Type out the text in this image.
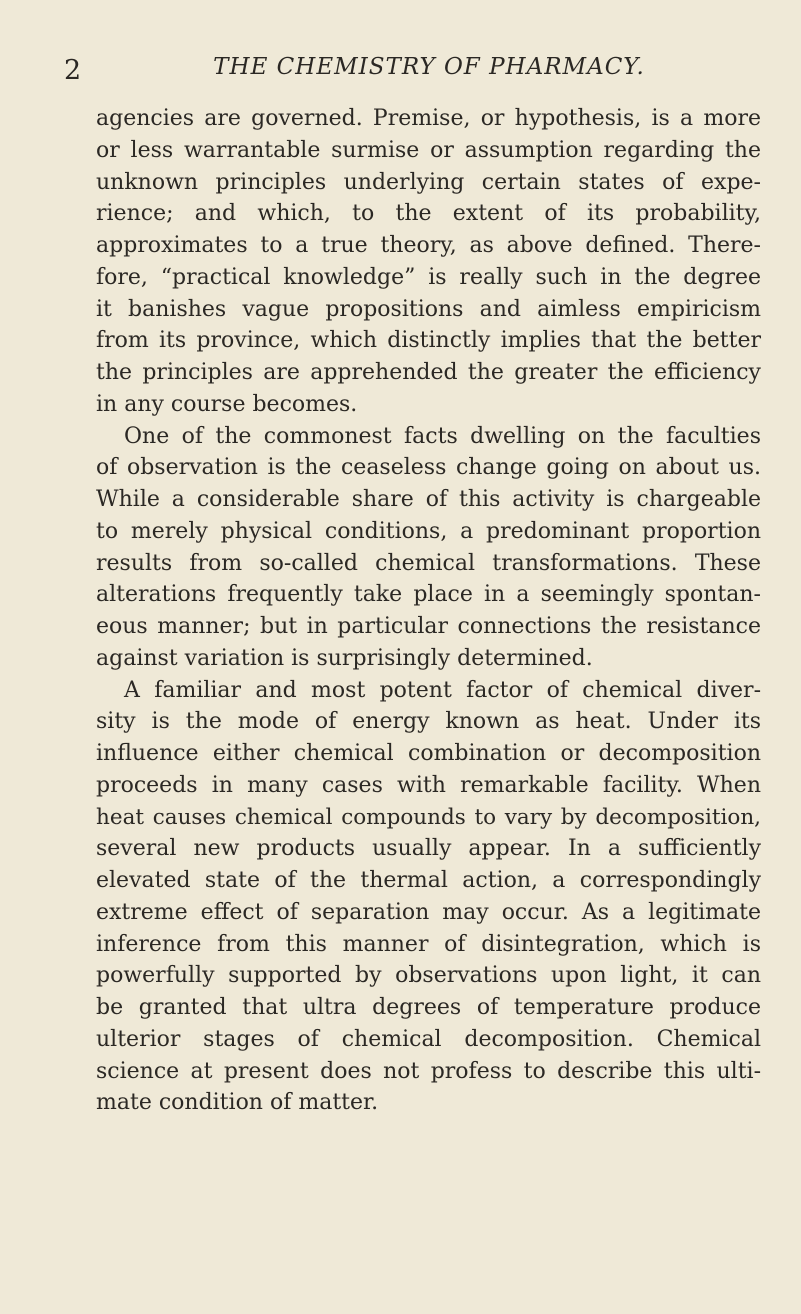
2	THE CHEMISTRY OF PHARMACY.
agencies are governed. Premise, or hypothesis, is a more
or less warrantable surmise or assumption regarding the
unknown principles underlying certain states of expe-
rience; and which, to the extent of its probability,
approximates to a true theory, as above defined. There-
fore, “practical knowledge” is really such in the degree
it banishes vague propositions and aimless empiricism
from its province, which distinctly implies that the better
the principles are apprehended the greater the efficiency
in any course becomes.
One of the commonest facts dwelling on the faculties
of observation is the ceaseless change going on about us.
While a considerable share of this activity is chargeable
to merely physical conditions, a predominant proportion
results from so-called chemical transformations. These
alterations frequently take place in a seemingly spontan-
eous manner; but in particular connections the resistance
against variation is surprisingly determined.
A familiar and most potent factor of chemical diver-
sity is the mode of energy known as heat. Under its
influence either chemical combination or decomposition
proceeds in many cases with remarkable facility. When
heat causes chemical compounds to vary by decomposition,
several new products usually appear. In a sufficiently
elevated state of the thermal action, a correspondingly
extreme effect of separation may occur. As a legitimate
inference from this manner of disintegration, which is
powerfully supported by observations upon light, it can
be granted that ultra degrees of temperature produce
ulterior stages of chemical decomposition. Chemical
science at present does not profess to describe this ulti-
mate condition of matter.
